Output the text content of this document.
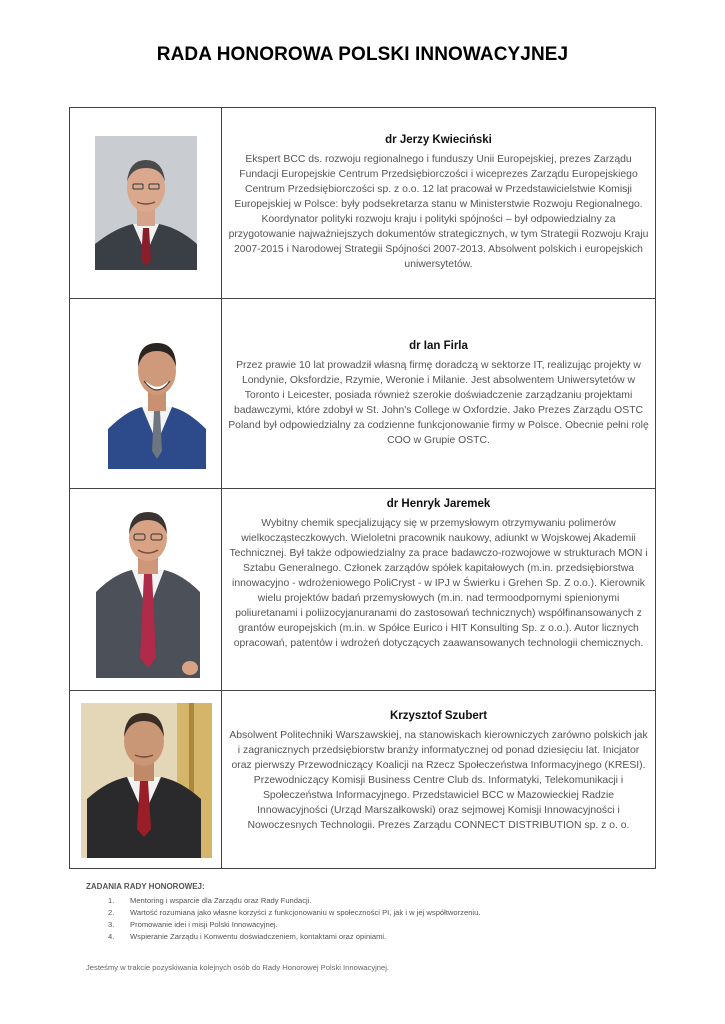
RADA HONOROWA POLSKI INNOWACYJNEJ
dr Jerzy Kwieciński
Ekspert BCC ds. rozwoju regionalnego i funduszy Unii Europejskiej, prezes Zarządu Fundacji Europejskie Centrum Przedsiębiorczości i wiceprezes Zarządu Europejskiego Centrum Przedsiębiorczości sp. z o.o. 12 lat pracował w Przedstawicielstwie Komisji Europejskiej w Polsce: były podsekretarza stanu w Ministerstwie Rozwoju Regionalnego. Koordynator polityki rozwoju kraju i polityki spójności – był odpowiedzialny za przygotowanie najważniejszych dokumentów strategicznych, w tym Strategii Rozwoju Kraju 2007-2015 i Narodowej Strategii Spójności 2007-2013. Absolwent polskich i europejskich uniwersytetów.
dr Ian Firla
Przez prawie 10 lat prowadził własną firmę doradczą w sektorze IT, realizując projekty w Londynie, Oksfordzie, Rzymie, Weronie i Milanie. Jest absolwentem Uniwersytetów w Toronto i Leicester, posiada również szerokie doświadczenie zarządzaniu projektami badawczymi, które zdobył w St. John's College w Oxfordzie. Jako Prezes Zarządu OSTC Poland był odpowiedzialny za codzienne funkcjonowanie firmy w Polsce. Obecnie pełni rolę COO w Grupie OSTC.
dr Henryk Jaremek
Wybitny chemik specjalizujący się w przemysłowym otrzymywaniu polimerów wielkocząsteczkowych. Wieloletni pracownik naukowy, adiunkt w Wojskowej Akademii Technicznej. Był także odpowiedzialny za prace badawczo-rozwojowe w strukturach MON i Sztabu Generalnego. Członek zarządów spółek kapitałowych (m.in. przedsiębiorstwa innowacyjno - wdrożeniowego PoliCryst - w IPJ w Świerku i Grehen Sp. Z o.o.). Kierownik wielu projektów badań przemysłowych (m.in. nad termoodpornymi spienionymi poliuretanami i poliizocyjanuranami do zastosowań technicznych) współfinansowanych z grantów europejskich (m.in. w Spółce Eurico i HIT Konsulting Sp. z o.o.). Autor licznych opracowań, patentów i wdrożeń dotyczących zaawansowanych technologii chemicznych.
Krzysztof Szubert
Absolwent Politechniki Warszawskiej, na stanowiskach kierowniczych zarówno polskich jak i zagranicznych przedsiębiorstw branży informatycznej od ponad dziesięciu lat. Inicjator oraz pierwszy Przewodniczący Koalicji na Rzecz Społeczeństwa Informacyjnego (KRESI). Przewodniczący Komisji Business Centre Club ds. Informatyki, Telekomunikacji i Społeczeństwa Informacyjnego. Przedstawiciel BCC w Mazowieckiej Radzie Innowacyjności (Urząd Marszałkowski) oraz sejmowej Komisji Innowacyjności i Nowoczesnych Technologii. Prezes Zarządu CONNECT DISTRIBUTION sp. z o. o.
ZADANIA RADY HONOROWEJ:
1. Mentoring i wsparcie dla Zarządu oraz Rady Fundacji.
2. Wartość rozumiana jako własne korzyści z funkcjonowaniu w społeczności PI, jak i w jej współtworzeniu.
3. Promowanie idei i misji Polski Innowacyjnej.
4. Wspieranie Zarządu i Konwentu doświadczeniem, kontaktami oraz opiniami.
Jesteśmy w trakcie pozyskiwania kolejnych osób do Rady Honorowej Polski Innowacyjnej.
